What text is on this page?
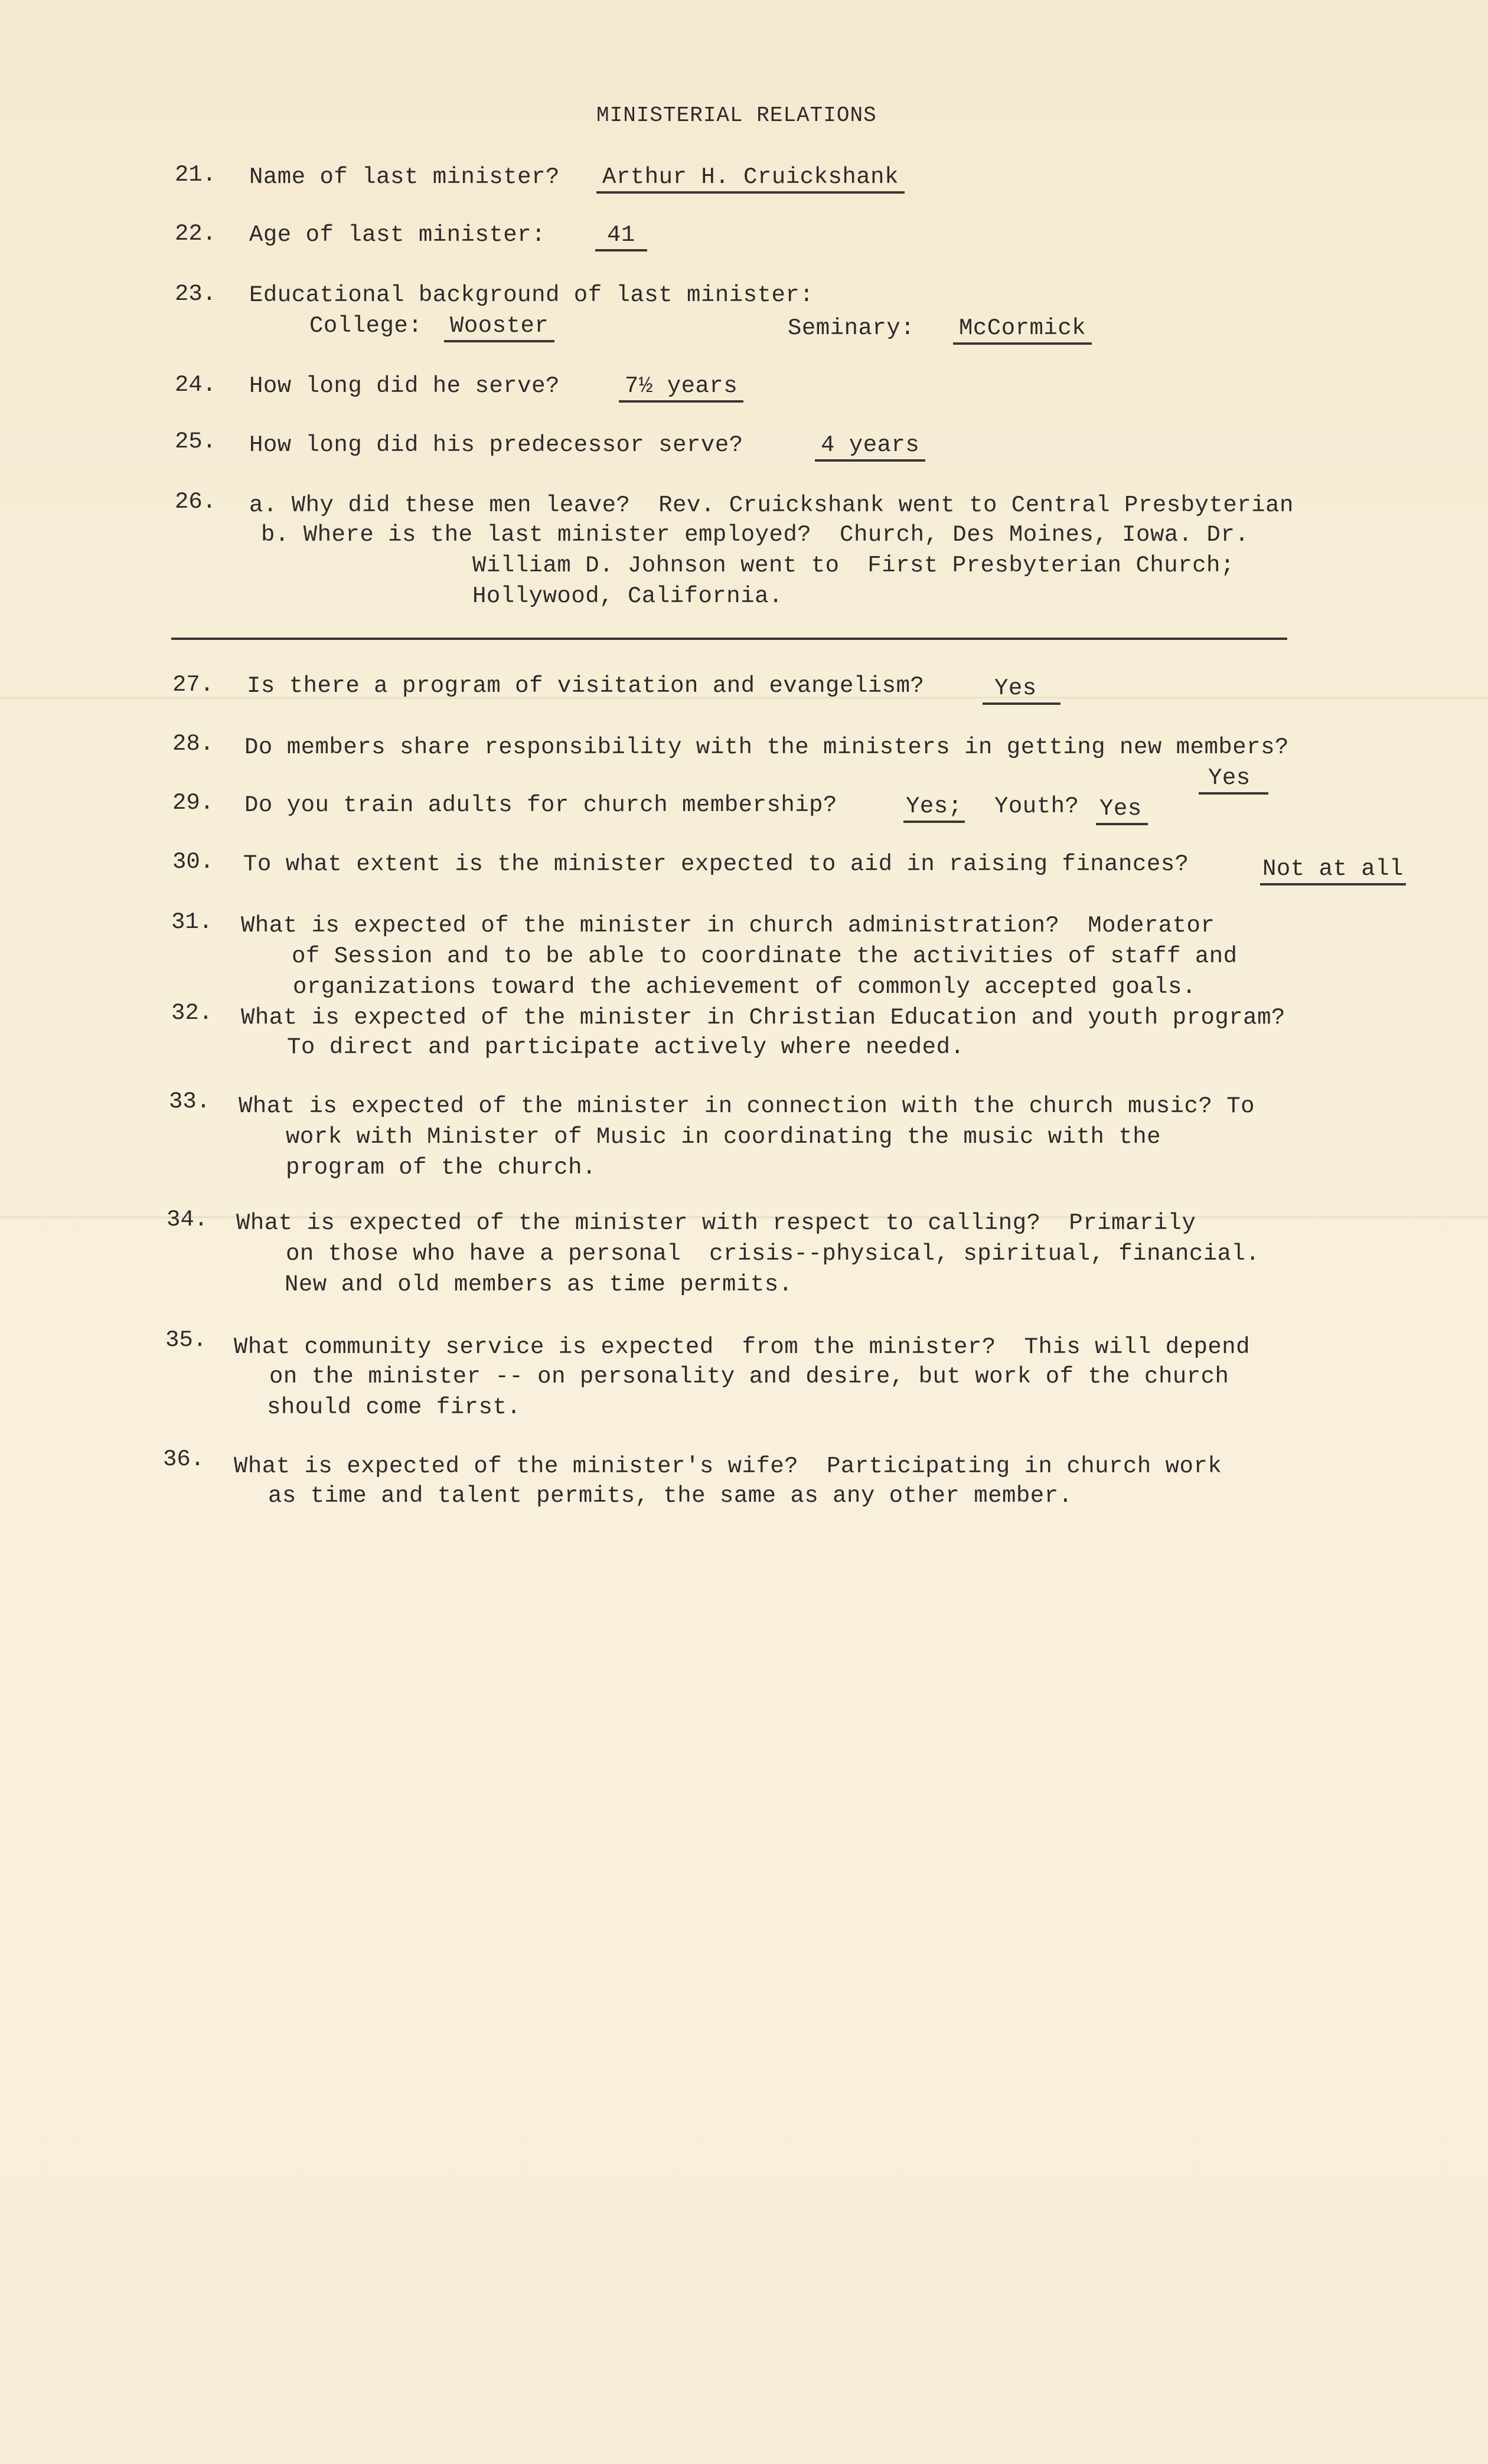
MINISTERIAL RELATIONS
21. Name of last minister? Arthur H. Cruickshank
22. Age of last minister:	41
23. Educational background of last minister:
College: Wooster	Seminary: McCormick
24. How long did he serve?	7½ years
25. How long did his predecessor serve?	4 years
26. a. Why did these men leave?  Rev. Cruickshank went to Central Presbyterian
b. Where is the last minister employed?  Church, Des Moines, Iowa. Dr.
William D. Johnson went to  First Presbyterian Church;
Hollywood, California.
27. Is there a program of visitation and evangelism?	Yes
28. Do members share responsibility with the ministers in getting new members?
Yes
29. Do you train adults for church membership?	Yes; Youth? Yes
30. To what extent is the minister expected to aid in raising finances?	Not at all
31. What is expected of the minister in church administration?  Moderator
of Session and to be able to coordinate the activities of staff and
organizations toward the achievement of commonly accepted goals.
32. What is expected of the minister in Christian Education and youth program?
To direct and participate actively where needed.
33. What is expected of the minister in connection with the church music? To
work with Minister of Music in coordinating the music with the
program of the church.
34. What is expected of the minister with respect to calling?  Primarily
on those who have a personal  crisis--physical, spiritual, financial.
New and old members as time permits.
35. What community service is expected  from the minister?  This will depend
on the minister -- on personality and desire, but work of the church
should come first.
36. What is expected of the minister's wife?  Participating in church work
as time and talent permits, the same as any other member.
